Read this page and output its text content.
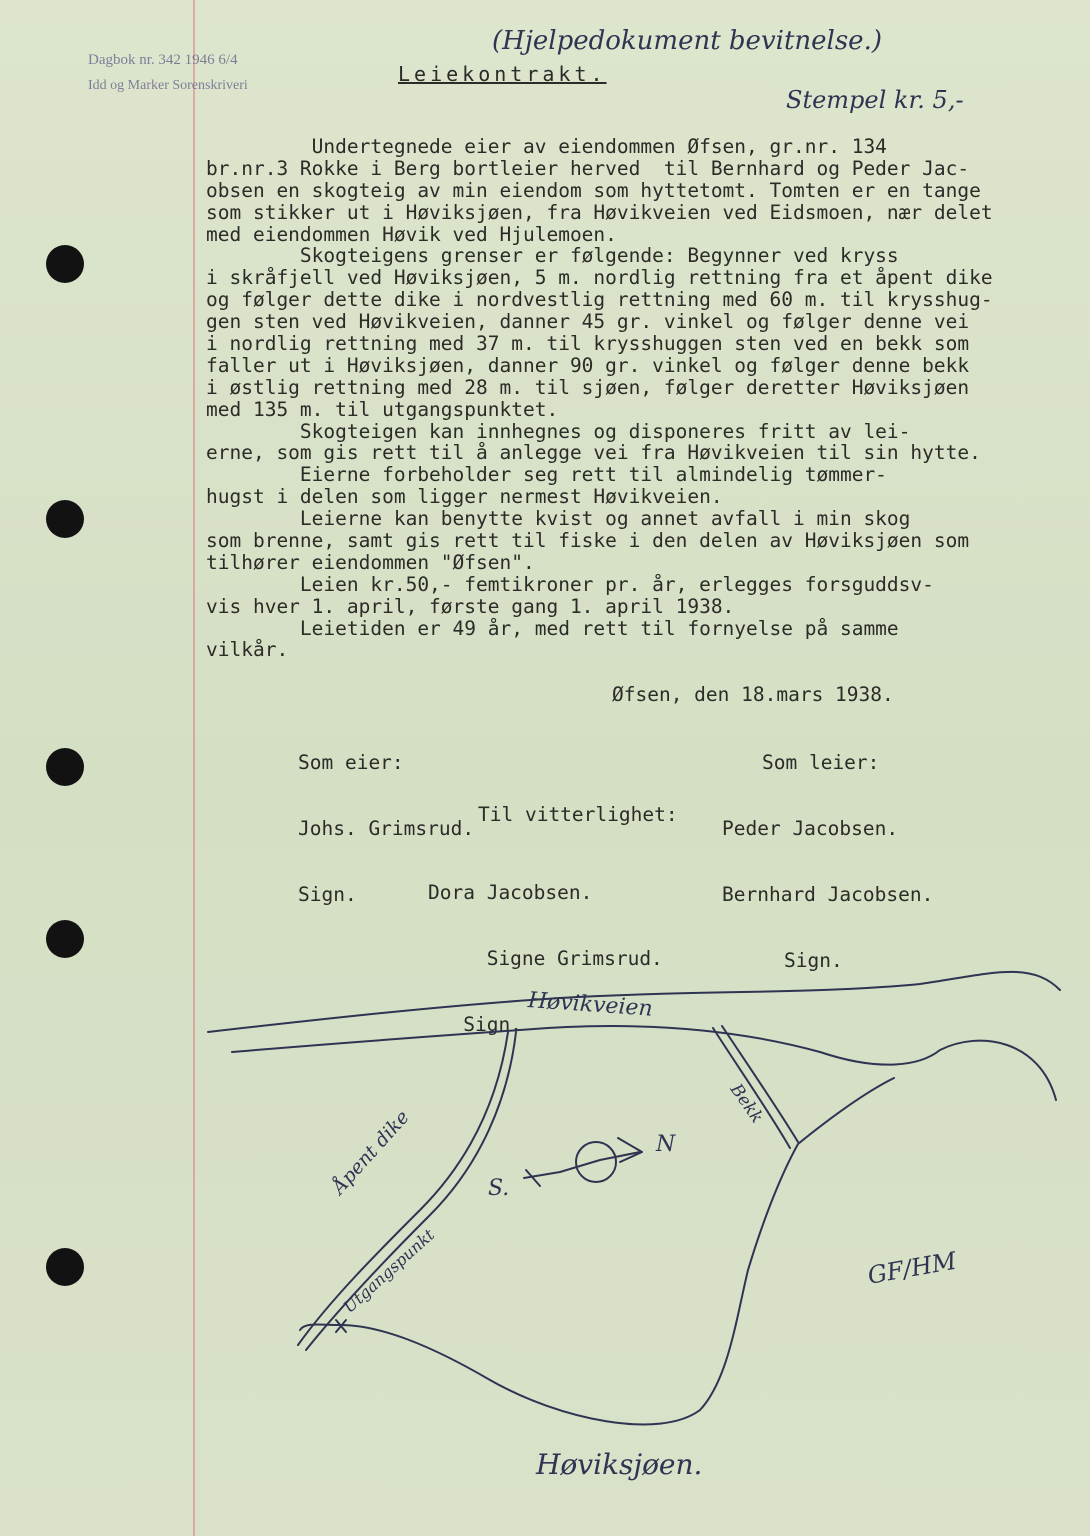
Dagbok nr. 342 1946 6/4
Idd og Marker Sorenskriveri
(Hjelpedokument bevitnelse.)
Stempel kr. 5,-
Leiekontrakt.
Undertegnede eier av eiendommen Øfsen, gr.nr. 134
br.nr.3 Rokke i Berg bortleier herved  til Bernhard og Peder Jac-
obsen en skogteig av min eiendom som hyttetomt. Tomten er en tange
som stikker ut i Høviksjøen, fra Høvikveien ved Eidsmoen, nær delet
med eiendommen Høvik ved Hjulemoen.
Skogteigens grenser er følgende: Begynner ved kryss
i skråfjell ved Høviksjøen, 5 m. nordlig rettning fra et åpent dike
og følger dette dike i nordvestlig rettning med 60 m. til krysshug-
gen sten ved Høvikveien, danner 45 gr. vinkel og følger denne vei
i nordlig rettning med 37 m. til krysshuggen sten ved en bekk som
faller ut i Høviksjøen, danner 90 gr. vinkel og følger denne bekk
i østlig rettning med 28 m. til sjøen, følger deretter Høviksjøen
med 135 m. til utgangspunktet.
Skogteigen kan innhegnes og disponeres fritt av lei-
erne, som gis rett til å anlegge vei fra Høvikveien til sin hytte.
Eierne forbeholder seg rett til almindelig tømmer-
hugst i delen som ligger nermest Høvikveien.
Leierne kan benytte kvist og annet avfall i min skog
som brenne, samt gis rett til fiske i den delen av Høviksjøen som
tilhører eiendommen "Øfsen".
Leien kr.50,- femtikroner pr. år, erlegges forsguddsv-
vis hver 1. april, første gang 1. april 1938.
Leietiden er 49 år, med rett til fornyelse på samme
vilkår.
Øfsen, den 18.mars 1938.

Som eier:

Johs. Grimsrud.

Sign.

Som leier:

Peder Jacobsen.

Bernhard Jacobsen.

Sign.

Til vitterlighet:

Dora Jacobsen.

Signe Grimsrud.

Sign.

Høvikveien
Bekk
Åpent dike
Utgangspunkt
S.
N
GF/HM
Høviksjøen.
